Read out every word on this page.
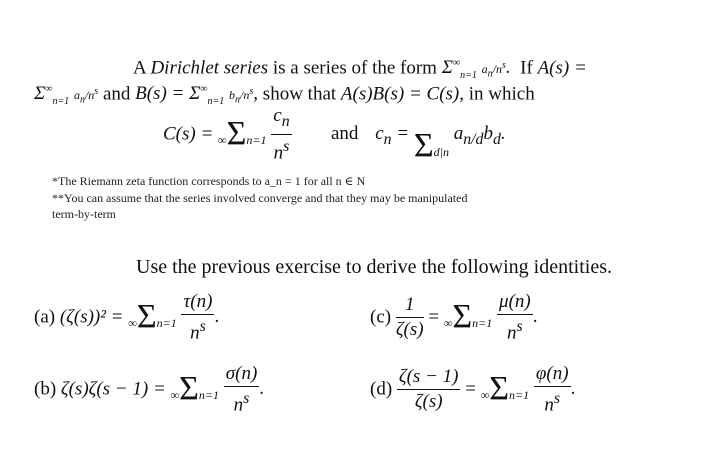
A Dirichlet series is a series of the form $\Sigma^\infty_{n=1}$ $a_n/n^s$. If A(s) =
$\Sigma^\infty_{n=1}$ $a_n/n^s$ and $B(s) = \Sigma^\infty_{n=1}$ $b_n/n^s$, show that A(s)B(s) = C(s), in which
$C(s) = \infty\Sigma n=1 \frac{c_n}{n^s}$ and $c_n = \Sigma d|n$ $a_{n/d}b_d$.
*The Riemann zeta function corresponds to a_n = 1 for all n ∈ N
**You can assume that the series involved converge and that they may be manipulated
term-by-term
Use the previous exercise to derive the following identities.
(a) $(\zeta(s))^2 = \infty\Sigma n=1 \frac{\tau(n)}{n^s}$ .	$(c) \frac{1}{\zeta(s)} = \infty\Sigma n=1 \frac{\mu(n)}{n^s}$ .
(b) $\zeta(s)\zeta(s - 1) = \infty\Sigma n=1 \frac{\sigma(n)}{n^s}$ .	$(d) \frac{\zeta(s - 1)}{\zeta(s)} = \infty\Sigma n=1 \frac{\varphi(n)}{n^s}$ .
